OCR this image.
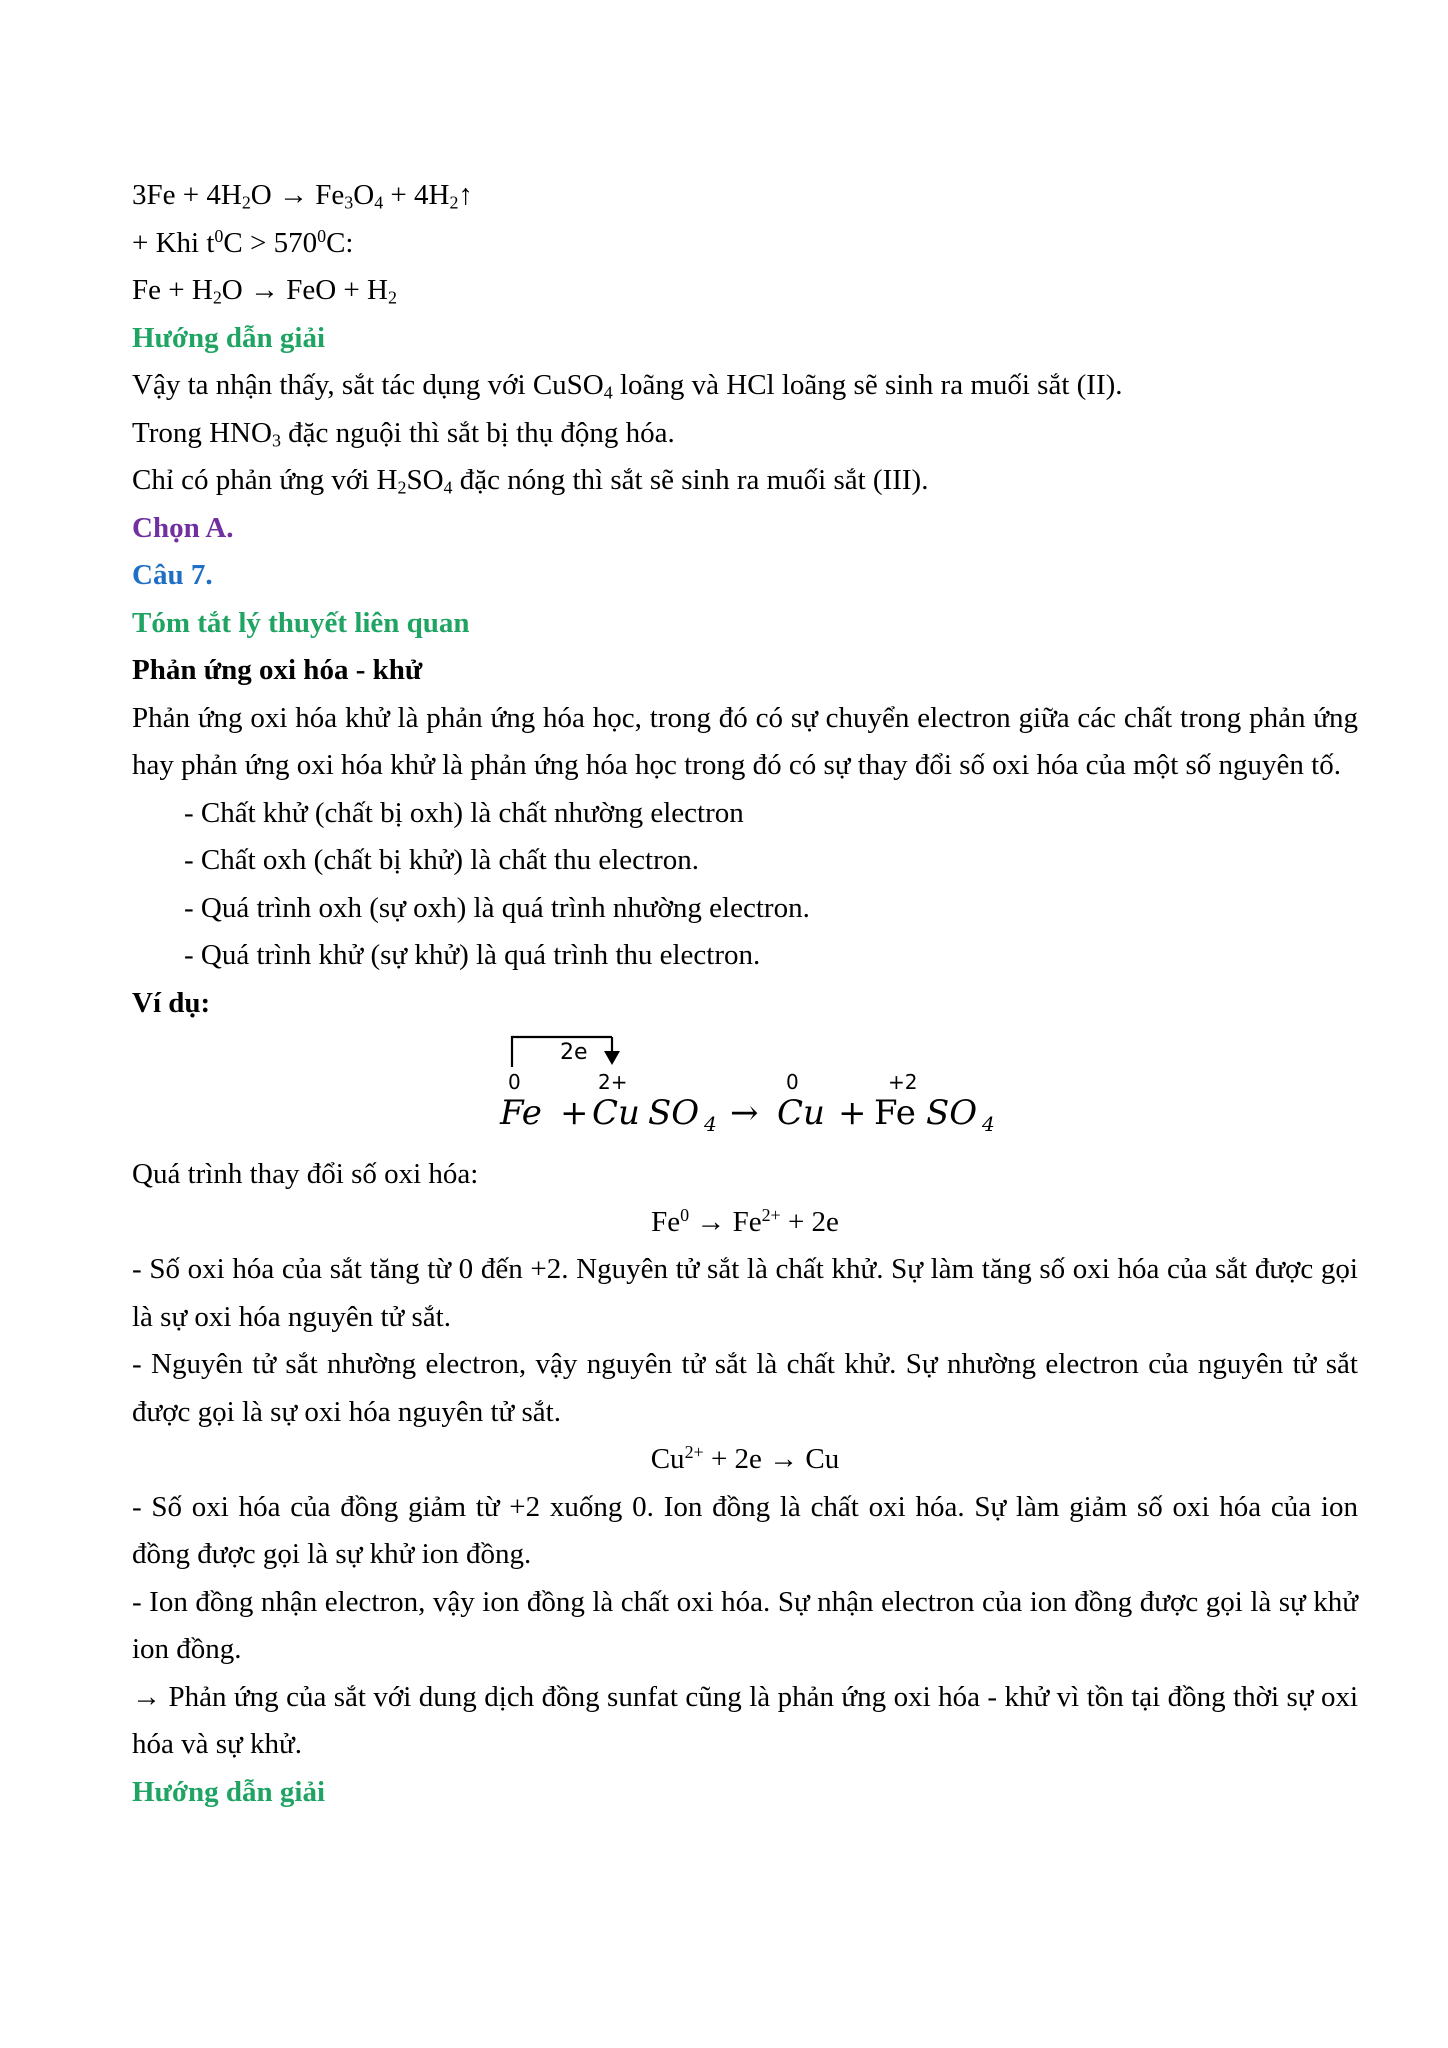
$3Fe + 4H_2O \to Fe_3O_4$ + $4H_2↑$

+ Khi $t^0C > 570^0C$:

$Fe + H_2O$ → FeO + $H_2$

Hướng dẫn giải

Vậy ta nhận thấy, sắt tác dụng với CuSO$_4$ loãng và HCl loãng sẽ sinh ra muối sắt (II).

Trong $HNO_3$ đặc nguội thì sắt bị thụ động hóa.

Chỉ có phản ứng với $H_2SO_4$ đặc nóng thì sắt sẽ sinh ra muối sắt (III).

Chọn A.

Câu 7.

Tóm tắt lý thuyết liên quan

Phản ứng oxi hóa - khử

Phản ứng oxi hóa khử là phản ứng hóa học, trong đó có sự chuyển electron giữa các chất trong phản ứng hay phản ứng oxi hóa khử là phản ứng hóa học trong đó có sự thay đổi số oxi hóa của một số nguyên tố.

- Chất khử (chất bị oxh) là chất nhường electron

- Chất oxh (chất bị khử) là chất thu electron.

- Quá trình oxh (sự oxh) là quá trình nhường electron.

- Quá trình khử (sự khử) là quá trình thu electron.

Ví dụ:

2e
0	2+	0	+2
Fe + Cu SO 4 → Cu + Fe SO 4

Quá trình thay đổi số oxi hóa:

$Fe^0 \to Fe^{2+} + 2e$

- Số oxi hóa của sắt tăng từ 0 đến +2. Nguyên tử sắt là chất khử. Sự làm tăng số oxi hóa của sắt được gọi là sự oxi hóa nguyên tử sắt.

- Nguyên tử sắt nhường electron, vậy nguyên tử sắt là chất khử. Sự nhường electron của nguyên tử sắt được gọi là sự oxi hóa nguyên tử sắt.

$Cu^{2+} + 2e \to Cu$

- Số oxi hóa của đồng giảm từ +2 xuống 0. Ion đồng là chất oxi hóa. Sự làm giảm số oxi hóa của ion đồng được gọi là sự khử ion đồng.

- Ion đồng nhận electron, vậy ion đồng là chất oxi hóa. Sự nhận electron của ion đồng được gọi là sự khử ion đồng.

→ Phản ứng của sắt với dung dịch đồng sunfat cũng là phản ứng oxi hóa - khử vì tồn tại đồng thời sự oxi hóa và sự khử.

Hướng dẫn giải
